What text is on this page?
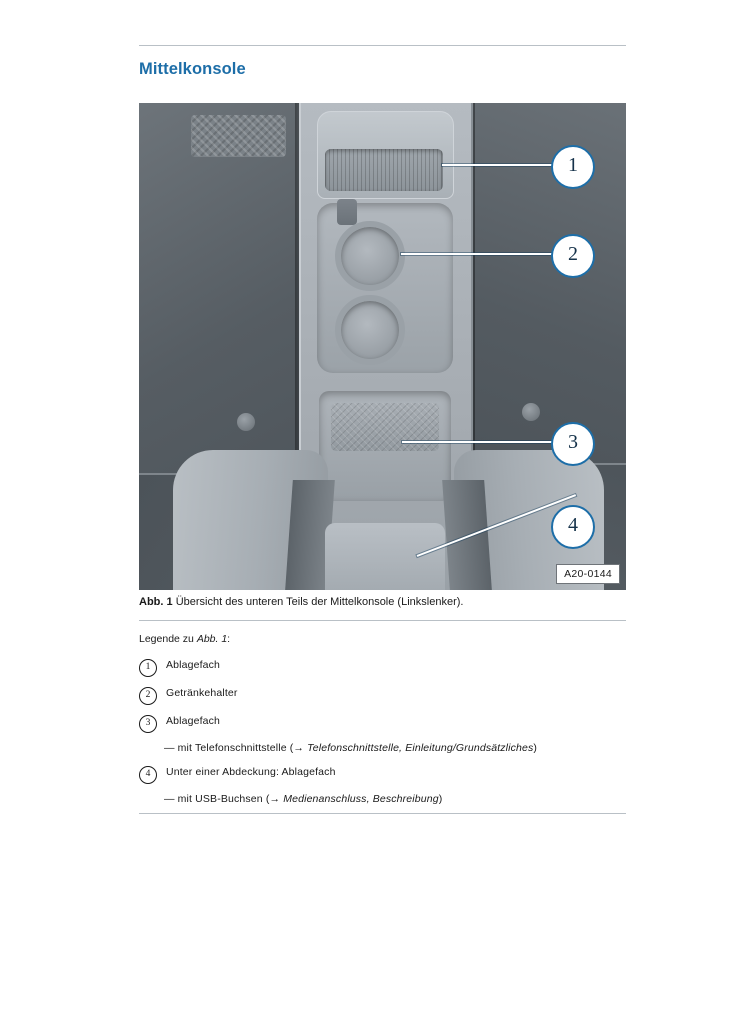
Mittelkonsole
1
2
3
4
A20-0144
Abb. 1 Übersicht des unteren Teils der Mittelkonsole (Linkslenker).
Legende zu Abb. 1:
1	Ablagefach
2	Getränkehalter
3	Ablagefach
— mit Telefonschnittstelle (→ Telefonschnittstelle, Einleitung/Grundsätzliches)
4	Unter einer Abdeckung: Ablagefach
— mit USB-Buchsen (→ Medienanschluss, Beschreibung)
